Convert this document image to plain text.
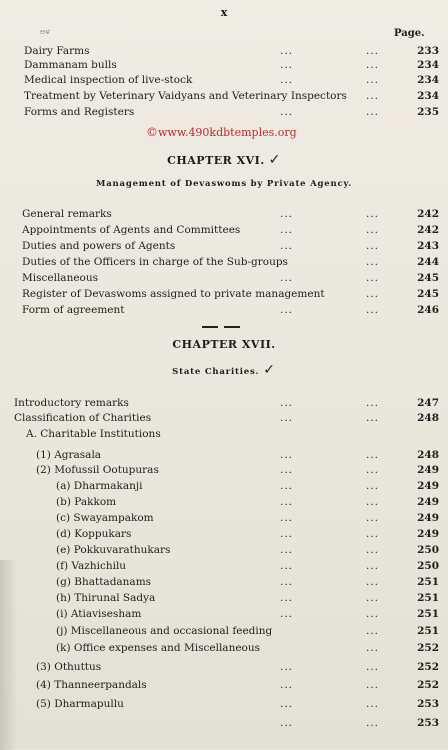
x
ಅಳ	Page.
Dairy Farms	...	...	233
Dammanam bulls	...	...	234
Medical inspection of live-stock	...	...	234
Treatment by Veterinary Vaidyans and Veterinary Inspectors ...	234
Forms and Registers	...	...	235
©www.490kdbtemples.org
CHAPTER XVI. ✓
Management of Devaswoms by Private Agency.
General remarks	...	...	242
Appointments of Agents and Committees	...	...	242
Duties and powers of Agents	...	...	243
Duties of the Officers in charge of the Sub-groups	...	244
Miscellaneous	...	...	245
Register of Devaswoms assigned to private management	...	245
Form of agreement	...	...	246
CHAPTER XVII.
State Charities. ✓
Introductory remarks	...	...	247
Classification of Charities	...	...	248
A. Charitable Institutions
(1) Agrasala	...	...	248
(2) Mofussil Ootupuras	...	...	249
(a) Dharmakanji	...	...	249
(b) Pakkom	...	...	249
(c) Swayampakom	...	...	249
(d) Koppukars	...	...	249
(e) Pokkuvarathukars	...	...	250
(f) Vazhichilu	...	...	250
(g) Bhattadanams	...	...	251
(h) Thirunal Sadya	...	...	251
(i) Atiavisesham	...	...	251
(j) Miscellaneous and occasional feeding	...	251
(k) Office expenses and Miscellaneous	...	252
(3) Othuttus	...	...	252
(4) Thanneerpandals	...	...	252
(5) Dharmapullu	...	...	253
...	...	253
